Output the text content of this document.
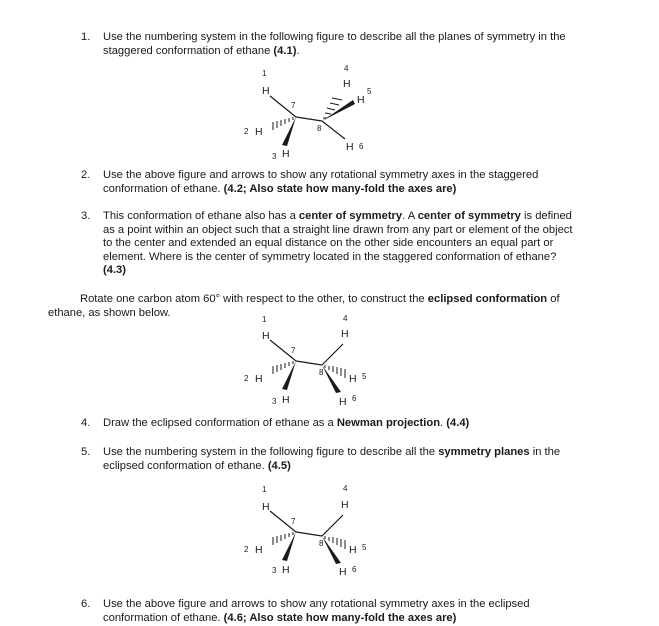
1. Use the numbering system in the following figure to describe all the planes of symmetry in the
staggered conformation of ethane (4.1).
1
H
7
2 H
3 H
4
H
H
5
8
H 6
2. Use the above figure and arrows to show any rotational symmetry axes in the staggered
conformation of ethane. (4.2; Also state how many-fold the axes are)
3. This conformation of ethane also has a center of symmetry. A center of symmetry is defined
as a point within an object such that a straight line drawn from any part or element of the object
to the center and extended an equal distance on the other side encounters an equal part or
element. Where is the center of symmetry located in the staggered conformation of ethane?
(4.3)
Rotate one carbon atom 60° with respect to the other, to construct the eclipsed conformation of
ethane, as shown below.
1
H
7
2 H
3 H
4
H
8
H 5
H 6
4. Draw the eclipsed conformation of ethane as a Newman projection. (4.4)
5. Use the numbering system in the following figure to describe all the symmetry planes in the
eclipsed conformation of ethane. (4.5)
1
H
7
2 H
3 H
4
H
8
H 5
H 6
6. Use the above figure and arrows to show any rotational symmetry axes in the eclipsed
conformation of ethane. (4.6; Also state how many-fold the axes are)
